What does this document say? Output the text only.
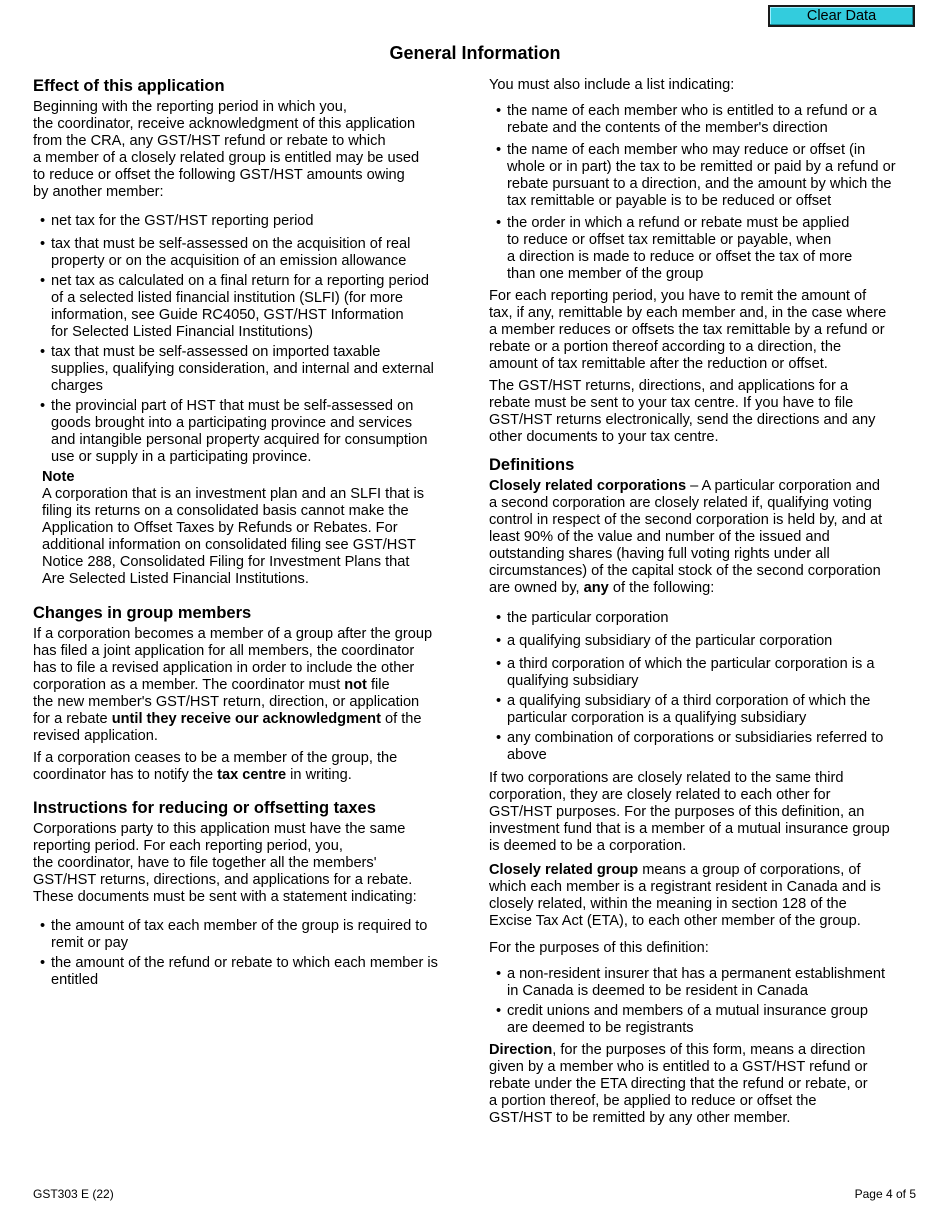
Clear Data
General Information
Effect of this application

Beginning with the reporting period in which you,
the coordinator, receive acknowledgment of this application
from the CRA, any GST/HST refund or rebate to which
a member of a closely related group is entitled may be used
to reduce or offset the following GST/HST amounts owing
by another member:

• net tax for the GST/HST reporting period
• tax that must be self-assessed on the acquisition of real
property or on the acquisition of an emission allowance
• net tax as calculated on a final return for a reporting period
of a selected listed financial institution (SLFI) (for more
information, see Guide RC4050, GST/HST Information
for Selected Listed Financial Institutions)
• tax that must be self-assessed on imported taxable
supplies, qualifying consideration, and internal and external
charges
• the provincial part of HST that must be self-assessed on
goods brought into a participating province and services
and intangible personal property acquired for consumption
use or supply in a participating province.

Note

A corporation that is an investment plan and an SLFI that is
filing its returns on a consolidated basis cannot make the
Application to Offset Taxes by Refunds or Rebates. For
additional information on consolidated filing see GST/HST
Notice 288, Consolidated Filing for Investment Plans that
Are Selected Listed Financial Institutions.

Changes in group members

If a corporation becomes a member of a group after the group
has filed a joint application for all members, the coordinator
has to file a revised application in order to include the other
corporation as a member. The coordinator must not file
the new member's GST/HST return, direction, or application
for a rebate until they receive our acknowledgment of the
revised application.

If a corporation ceases to be a member of the group, the
coordinator has to notify the tax centre in writing.

Instructions for reducing or offsetting taxes

Corporations party to this application must have the same
reporting period. For each reporting period, you,
the coordinator, have to file together all the members'
GST/HST returns, directions, and applications for a rebate.
These documents must be sent with a statement indicating:

• the amount of tax each member of the group is required to
remit or pay
• the amount of the refund or rebate to which each member is
entitled

You must also include a list indicating:

• the name of each member who is entitled to a refund or a
rebate and the contents of the member's direction
• the name of each member who may reduce or offset (in
whole or in part) the tax to be remitted or paid by a refund or
rebate pursuant to a direction, and the amount by which the
tax remittable or payable is to be reduced or offset
• the order in which a refund or rebate must be applied
to reduce or offset tax remittable or payable, when
a direction is made to reduce or offset the tax of more
than one member of the group

For each reporting period, you have to remit the amount of
tax, if any, remittable by each member and, in the case where
a member reduces or offsets the tax remittable by a refund or
rebate or a portion thereof according to a direction, the
amount of tax remittable after the reduction or offset.

The GST/HST returns, directions, and applications for a
rebate must be sent to your tax centre. If you have to file
GST/HST returns electronically, send the directions and any
other documents to your tax centre.

Definitions

Closely related corporations – A particular corporation and
a second corporation are closely related if, qualifying voting
control in respect of the second corporation is held by, and at
least 90% of the value and number of the issued and
outstanding shares (having full voting rights under all
circumstances) of the capital stock of the second corporation
are owned by, any of the following:

• the particular corporation
• a qualifying subsidiary of the particular corporation
• a third corporation of which the particular corporation is a
qualifying subsidiary
• a qualifying subsidiary of a third corporation of which the
particular corporation is a qualifying subsidiary
• any combination of corporations or subsidiaries referred to
above

If two corporations are closely related to the same third
corporation, they are closely related to each other for
GST/HST purposes. For the purposes of this definition, an
investment fund that is a member of a mutual insurance group
is deemed to be a corporation.

Closely related group means a group of corporations, of
which each member is a registrant resident in Canada and is
closely related, within the meaning in section 128 of the
Excise Tax Act (ETA), to each other member of the group.

For the purposes of this definition:

• a non-resident insurer that has a permanent establishment
in Canada is deemed to be resident in Canada
• credit unions and members of a mutual insurance group
are deemed to be registrants

Direction, for the purposes of this form, means a direction
given by a member who is entitled to a GST/HST refund or
rebate under the ETA directing that the refund or rebate, or
a portion thereof, be applied to reduce or offset the
GST/HST to be remitted by any other member.

GST303 E (22)	Page 4 of 5
